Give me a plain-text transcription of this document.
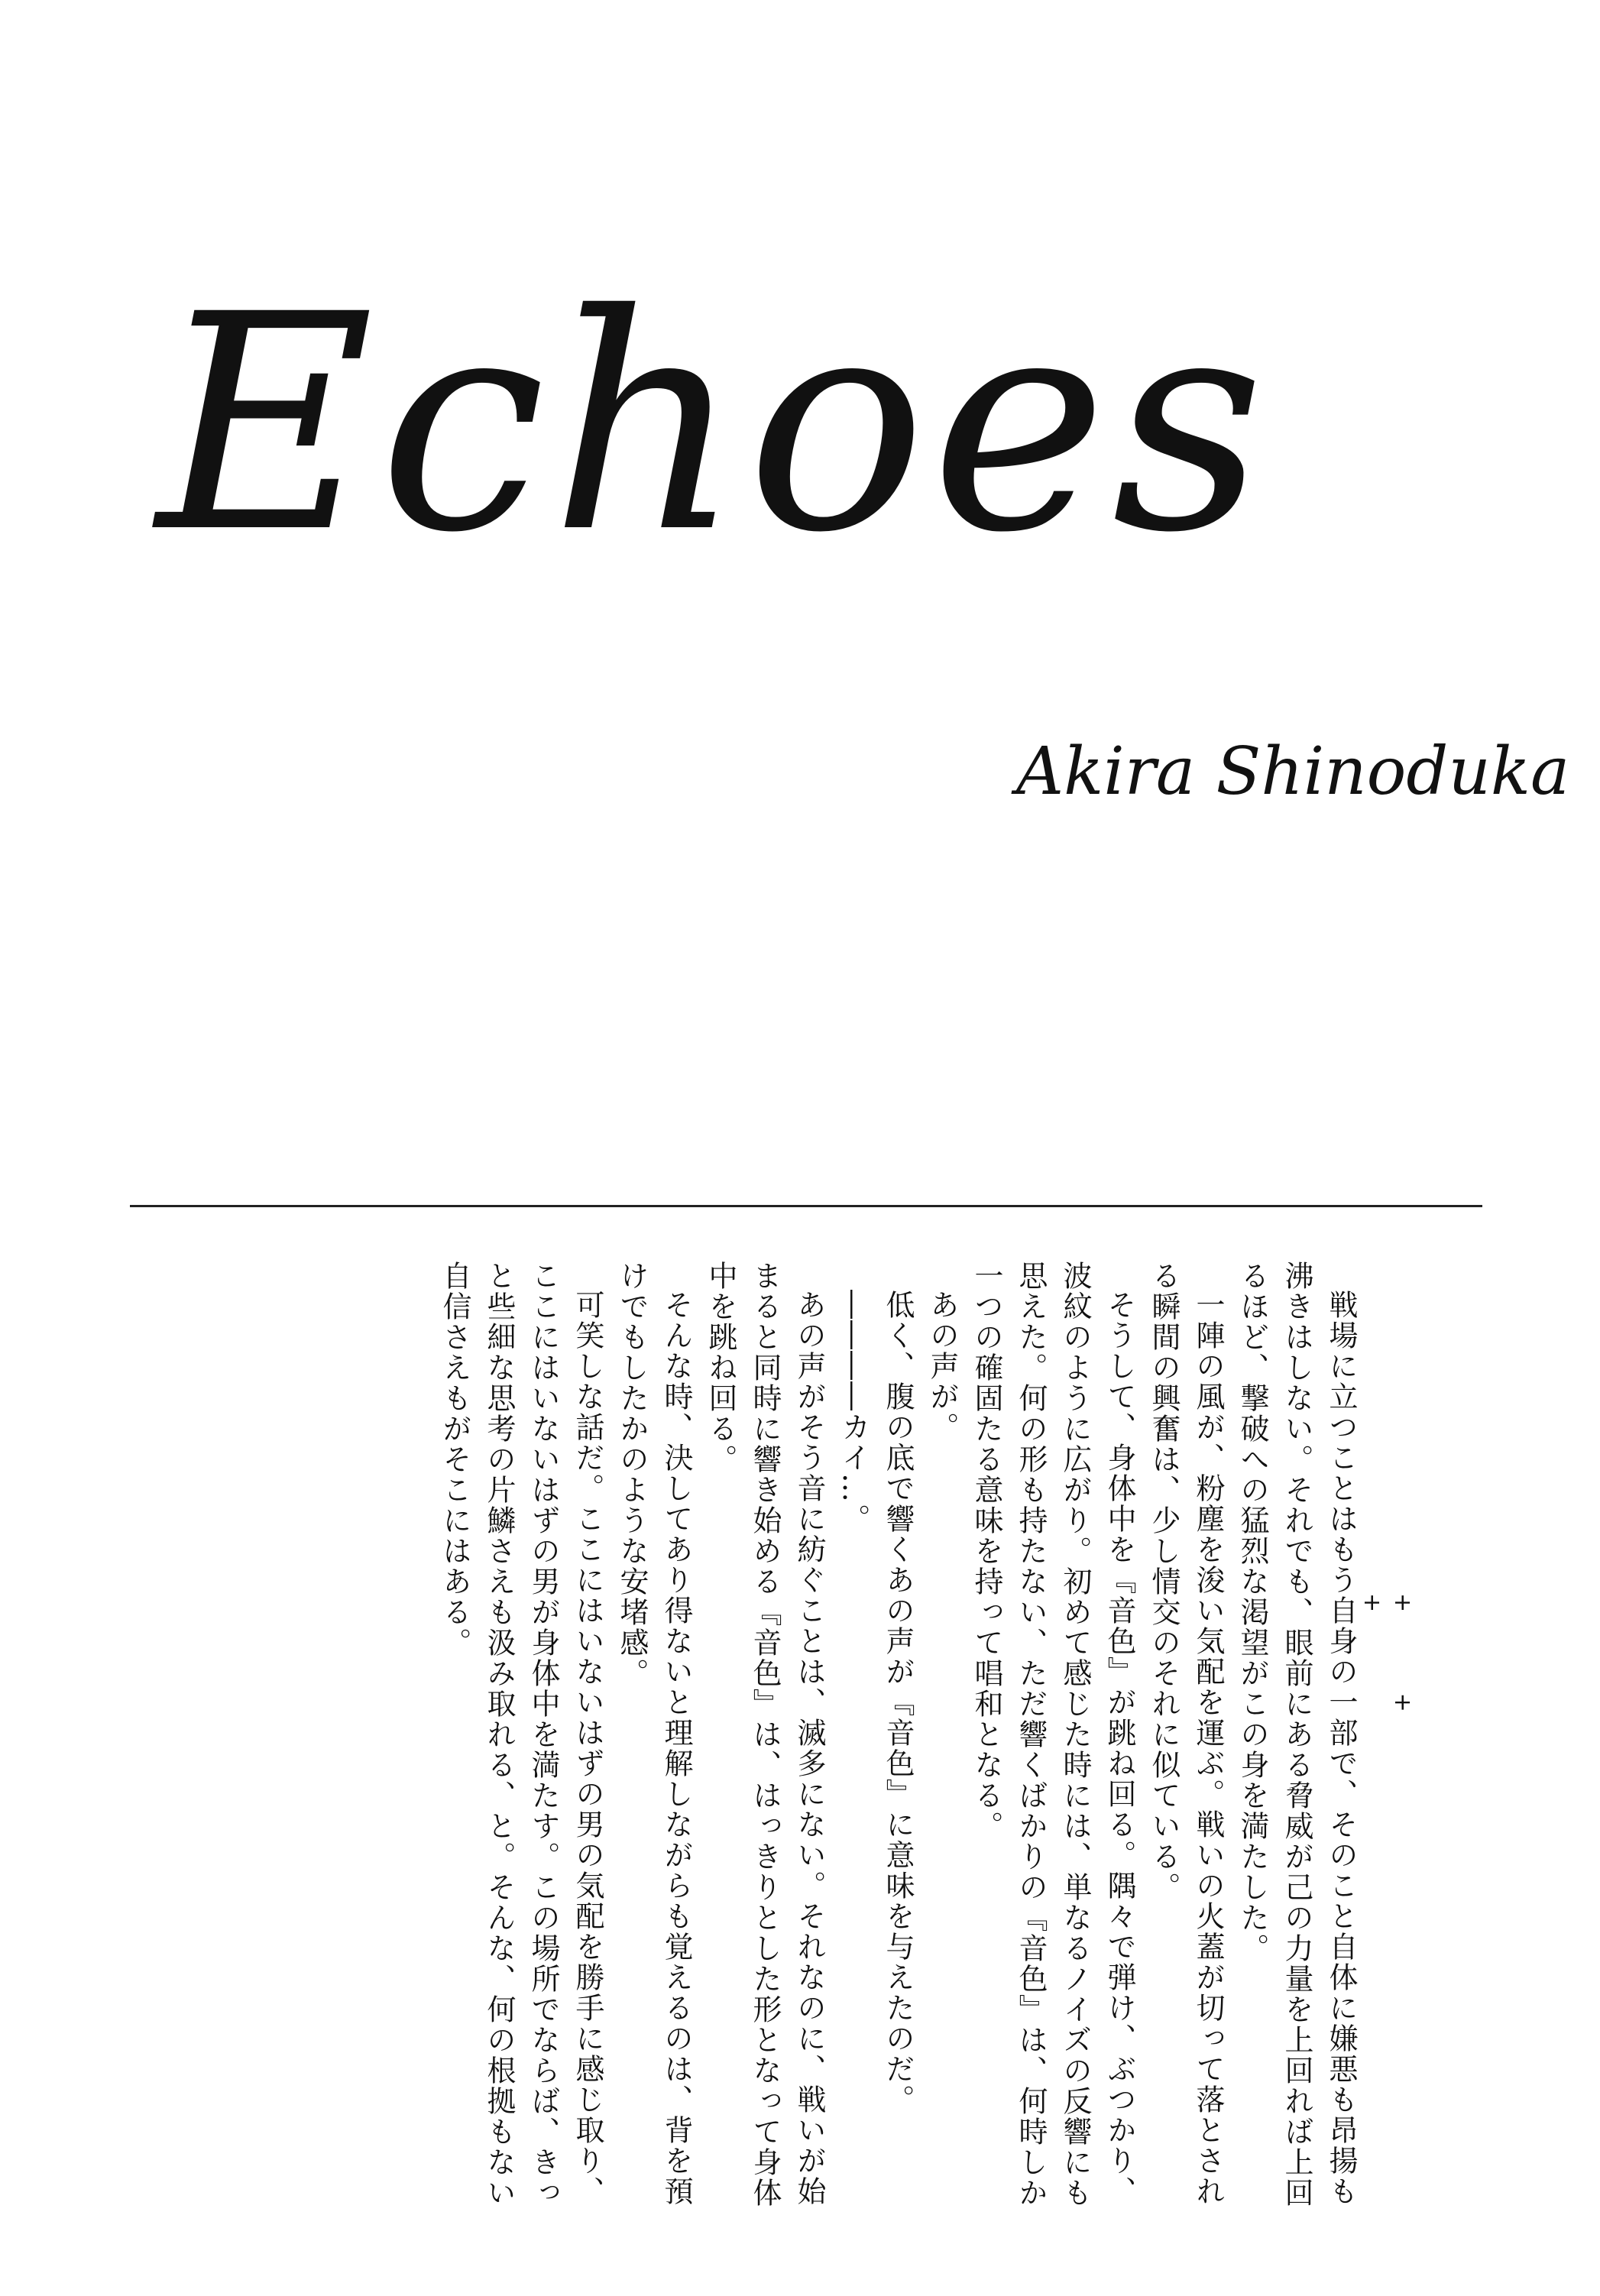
Echoes
Akira Shinoduka
+ + +

戦場に立つことはもう自身の一部で、そのこと自体に嫌悪も昂揚も沸きはしない。それでも、眼前にある脅威が己の力量を上回れば上回るほど、撃破への猛烈な渇望がこの身を満たした。

一陣の風が、粉塵を浚い気配を運ぶ。戦いの火蓋が切って落とされる瞬間の興奮は、少し情交のそれに似ている。

そうして、身体中を『音色』が跳ね回る。隅々で弾け、ぶつかり、波紋のように広がり。初めて感じた時には、単なるノイズの反響にも思えた。何の形も持たない、ただ響くばかりの『音色』は、何時しか一つの確固たる意味を持って唱和となる。

あの声が。

低く、腹の底で響くあの声が『音色』に意味を与えたのだ。

――――カイ…。

あの声がそう音に紡ぐことは、滅多にない。それなのに、戦いが始まると同時に響き始める『音色』は、はっきりとした形となって身体中を跳ね回る。

そんな時、決してあり得ないと理解しながらも覚えるのは、背を預けでもしたかのような安堵感。

可笑しな話だ。ここにはいないはずの男の気配を勝手に感じ取り、ここにはいないはずの男が身体中を満たす。この場所でならば、きっと些細な思考の片鱗さえも汲み取れる、と。そんな、何の根拠もない自信さえもがそこにはある。
